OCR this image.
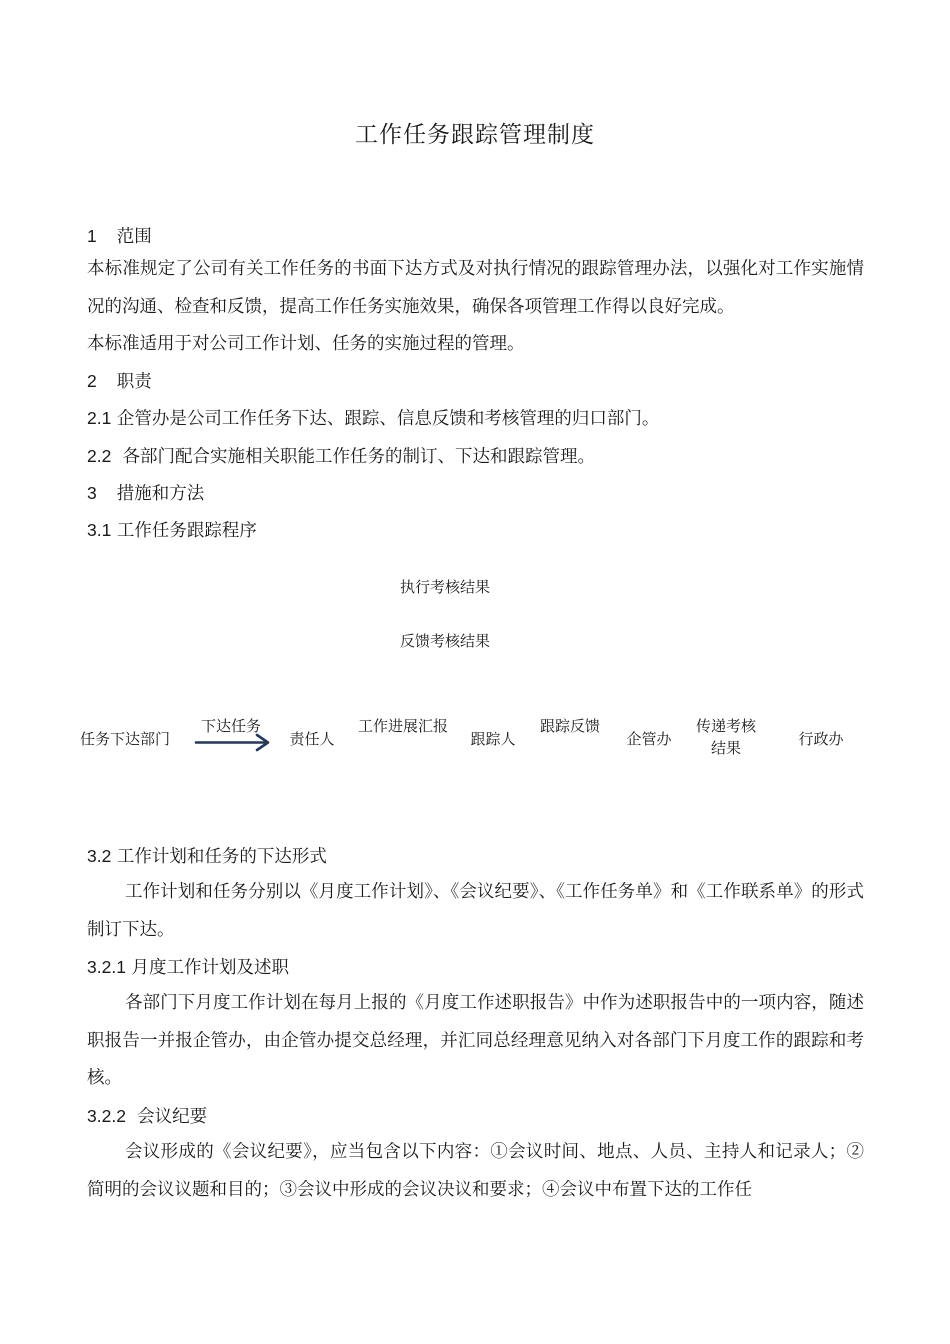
工作任务跟踪管理制度
1 范围
本标准规定了公司有关工作任务的书面下达方式及对执行情况的跟踪管理办法，以强化对工作实施情况的沟通、检查和反馈，提高工作任务实施效果，确保各项管理工作得以良好完成。
本标准适用于对公司工作计划、任务的实施过程的管理。
2 职责
2.1 企管办是公司工作任务下达、跟踪、信息反馈和考核管理的归口部门。
2.2 各部门配合实施相关职能工作任务的制订、下达和跟踪管理。
3 措施和方法
3.1 工作任务跟踪程序
执行考核结果
反馈考核结果
任务下达部门
下达任务
责任人
工作进展汇报
跟踪人
跟踪反馈
企管办
传递考核结果	行政办
3.2 工作计划和任务的下达形式
工作计划和任务分别以《月度工作计划》、《会议纪要》、《工作任务单》和《工作联系单》的形式制订下达。
3.2.1 月度工作计划及述职
各部门下月度工作计划在每月上报的《月度工作述职报告》中作为述职报告中的一项内容，随述职报告一并报企管办，由企管办提交总经理，并汇同总经理意见纳入对各部门下月度工作的跟踪和考核。
3.2.2 会议纪要
会议形成的《会议纪要》，应当包含以下内容：①会议时间、地点、人员、主持人和记录人；②简明的会议议题和目的；③会议中形成的会议决议和要求；④会议中布置下达的工作任
